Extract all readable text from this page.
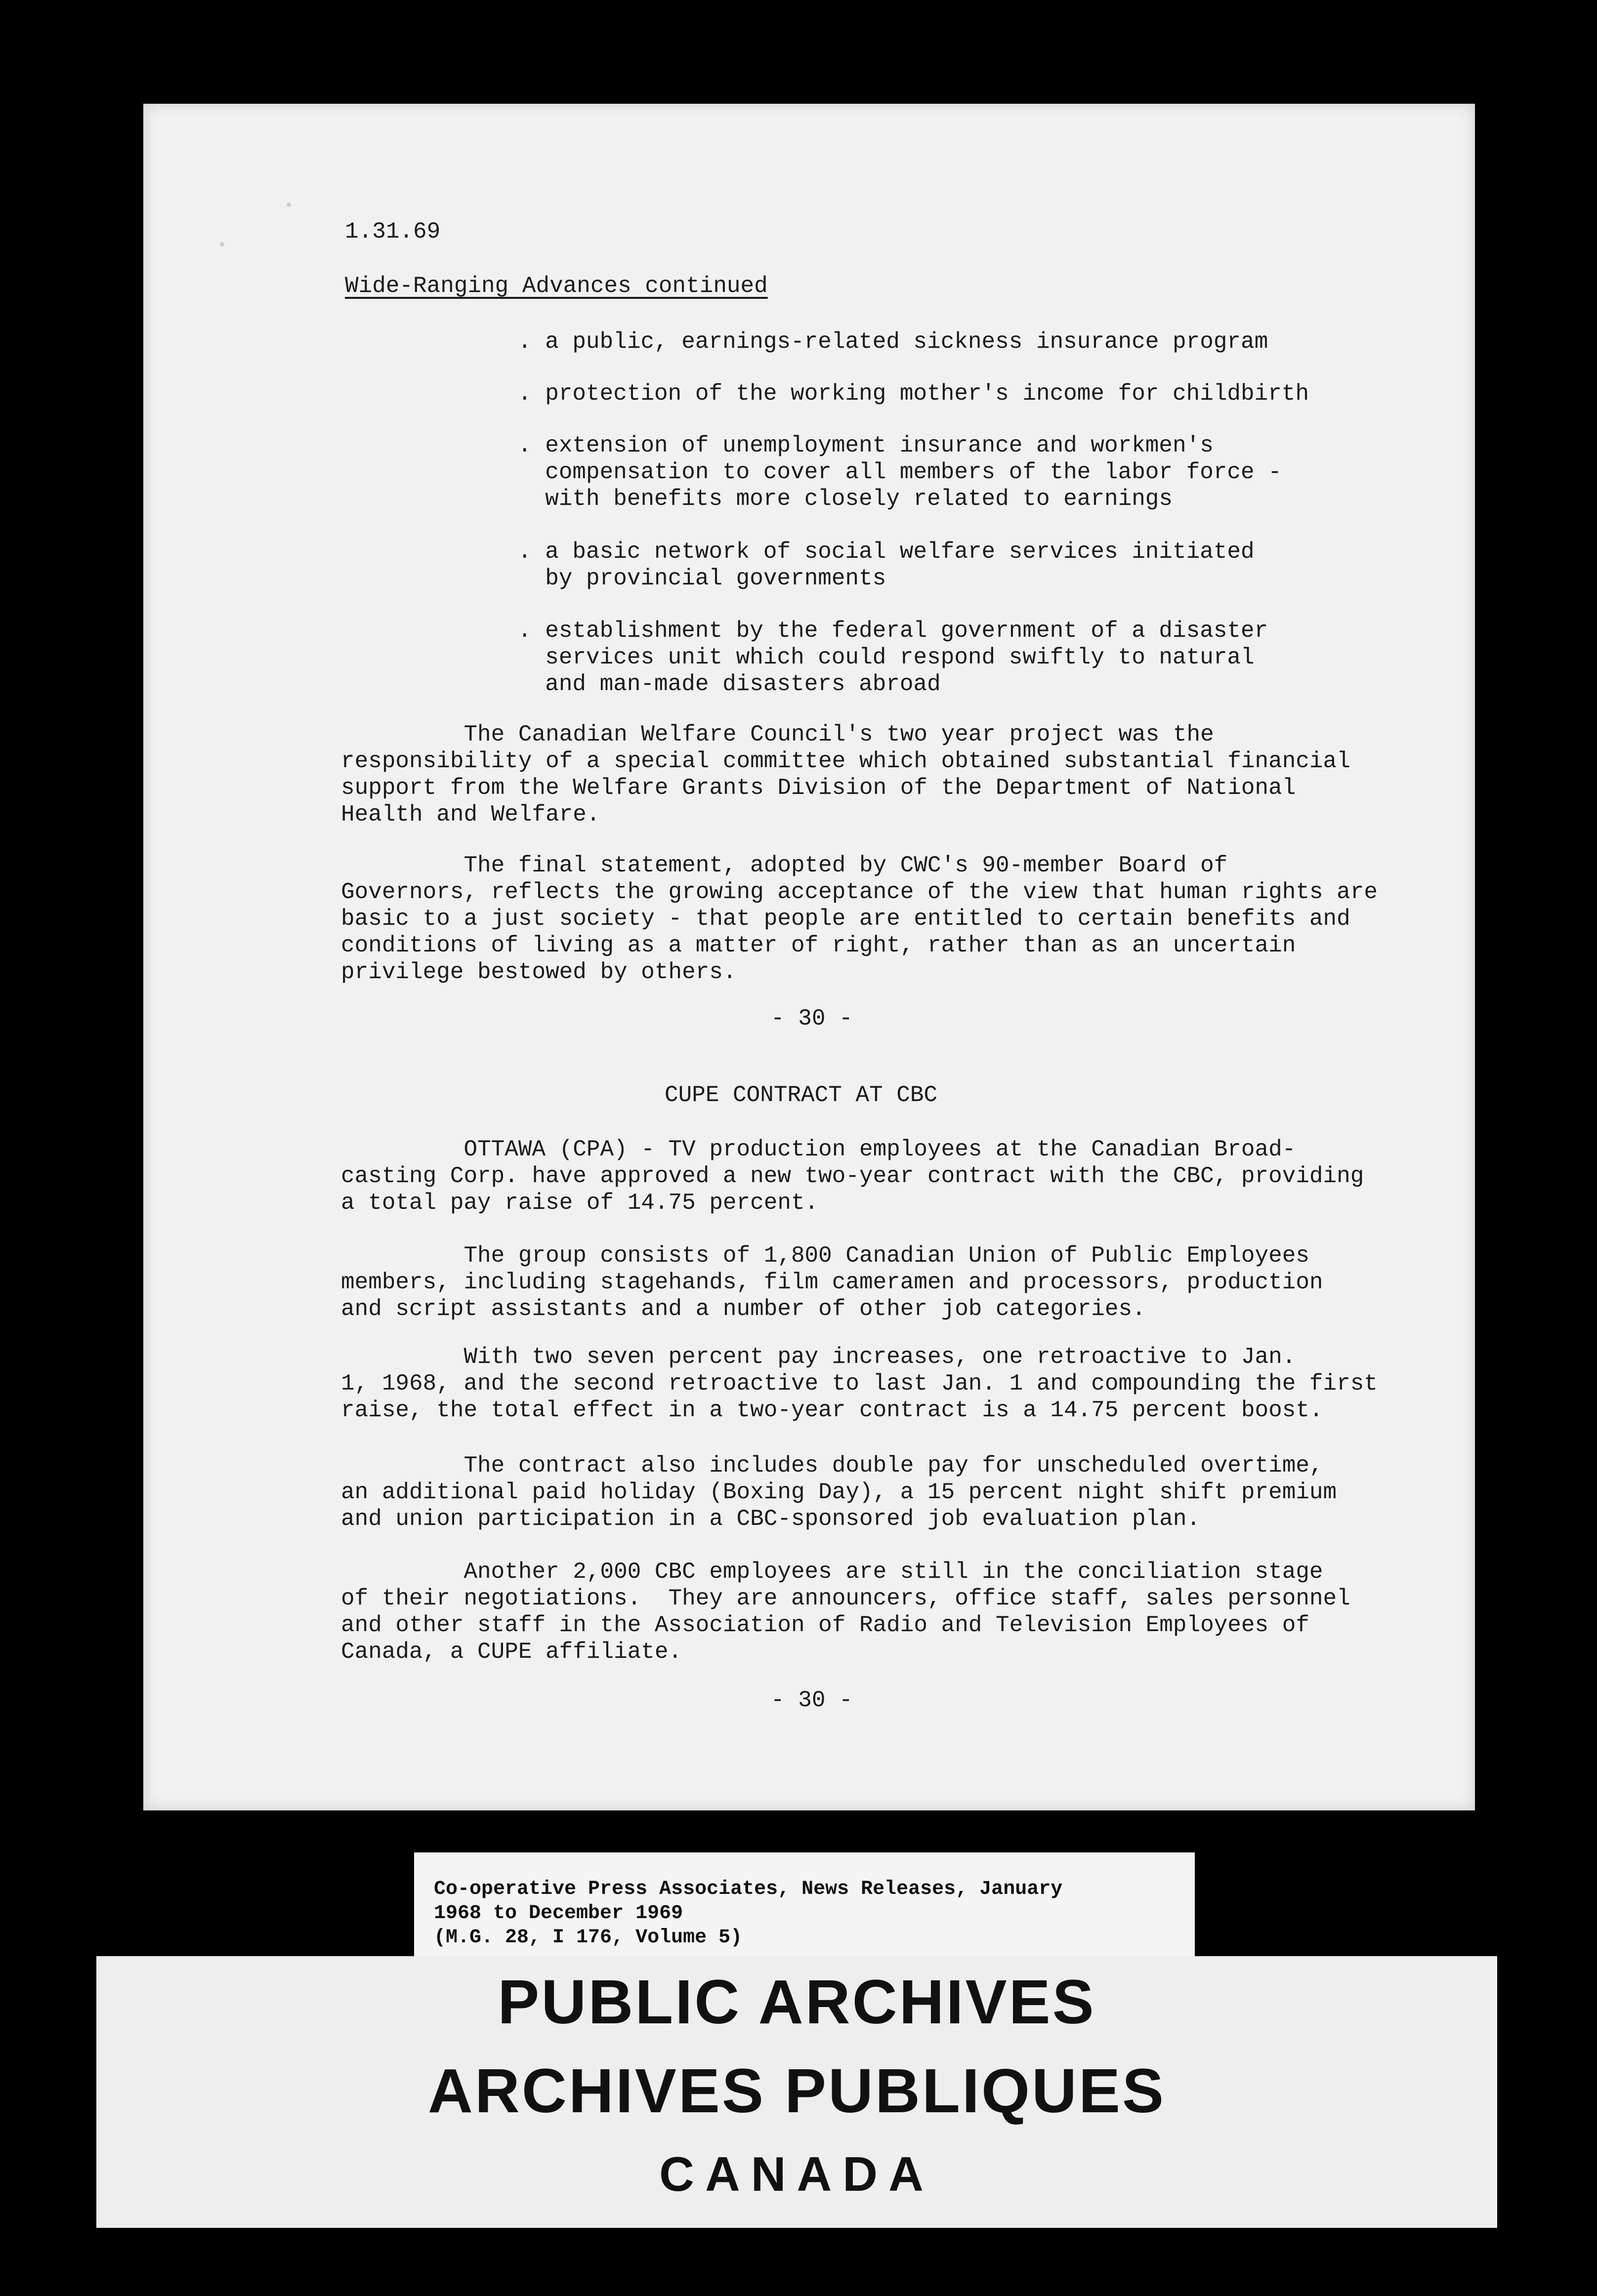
1.31.69
Wide-Ranging Advances continued
. a public, earnings-related sickness insurance program
. protection of the working mother's income for childbirth
. extension of unemployment insurance and workmen's
compensation to cover all members of the labor force -
with benefits more closely related to earnings
. a basic network of social welfare services initiated
by provincial governments
. establishment by the federal government of a disaster
services unit which could respond swiftly to natural
and man-made disasters abroad
The Canadian Welfare Council's two year project was the
responsibility of a special committee which obtained substantial financial
support from the Welfare Grants Division of the Department of National
Health and Welfare.
The final statement, adopted by CWC's 90-member Board of
Governors, reflects the growing acceptance of the view that human rights are
basic to a just society - that people are entitled to certain benefits and
conditions of living as a matter of right, rather than as an uncertain
privilege bestowed by others.
- 30 -
CUPE CONTRACT AT CBC
OTTAWA (CPA) - TV production employees at the Canadian Broad-
casting Corp. have approved a new two-year contract with the CBC, providing
a total pay raise of 14.75 percent.
The group consists of 1,800 Canadian Union of Public Employees
members, including stagehands, film cameramen and processors, production
and script assistants and a number of other job categories.
With two seven percent pay increases, one retroactive to Jan.
1, 1968, and the second retroactive to last Jan. 1 and compounding the first
raise, the total effect in a two-year contract is a 14.75 percent boost.
The contract also includes double pay for unscheduled overtime,
an additional paid holiday (Boxing Day), a 15 percent night shift premium
and union participation in a CBC-sponsored job evaluation plan.
Another 2,000 CBC employees are still in the conciliation stage
of their negotiations.  They are announcers, office staff, sales personnel
and other staff in the Association of Radio and Television Employees of
Canada, a CUPE affiliate.
- 30 -
Co-operative Press Associates, News Releases, January
1968 to December 1969
(M.G. 28, I 176, Volume 5)
PUBLIC ARCHIVES
ARCHIVES PUBLIQUES
CANADA
